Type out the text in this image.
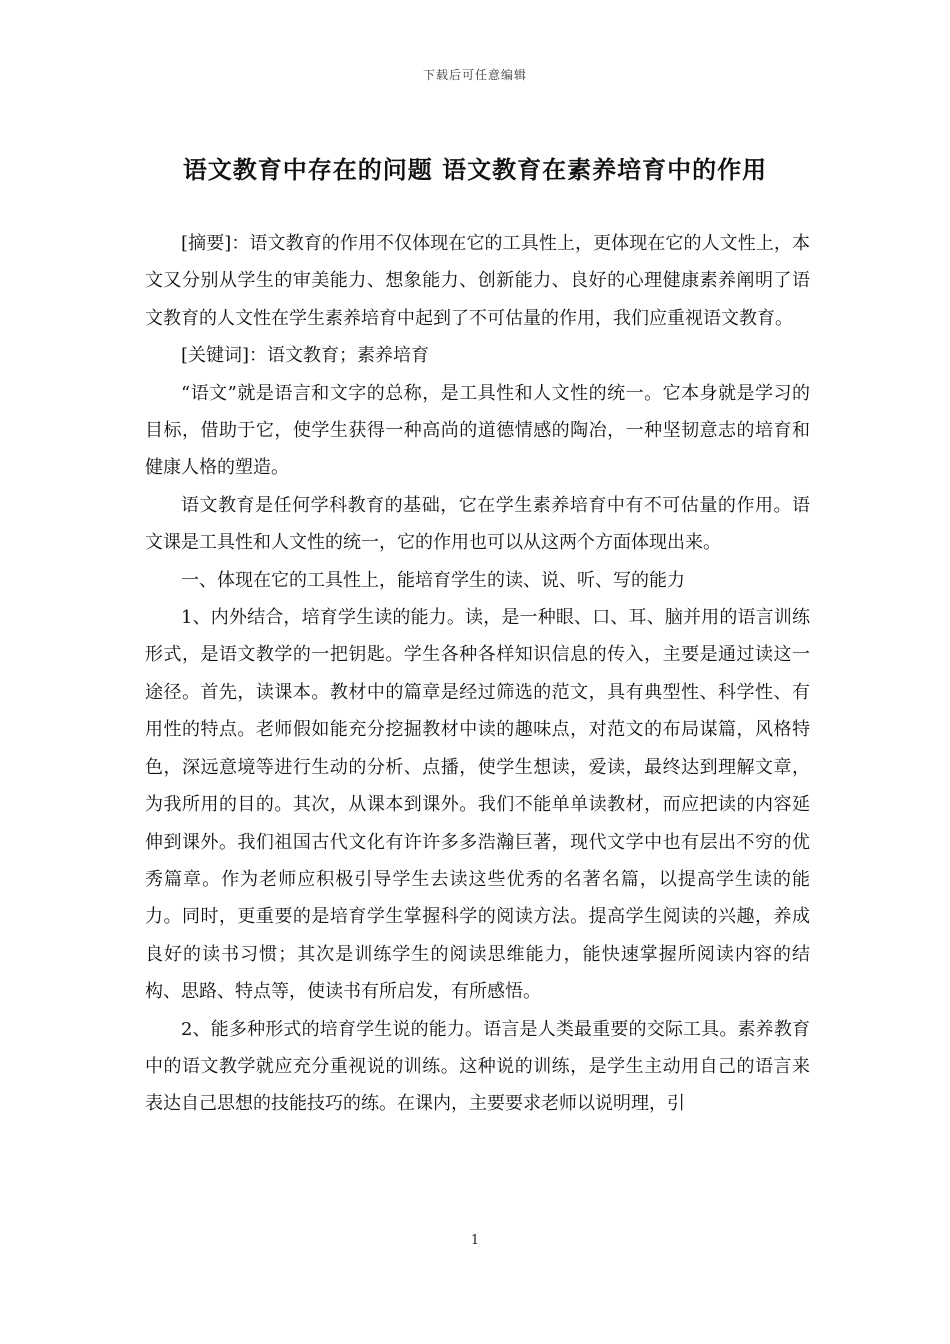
下载后可任意编辑
语文教育中存在的问题 语文教育在素养培育中的作用

[摘要]：语文教育的作用不仅体现在它的工具性上，更体现在它的人文性上，本文又分别从学生的审美能力、想象能力、创新能力、良好的心理健康素养阐明了语文教育的人文性在学生素养培育中起到了不可估量的作用，我们应重视语文教育。

[关键词]：语文教育；素养培育

“语文”就是语言和文字的总称，是工具性和人文性的统一。它本身就是学习的目标，借助于它，使学生获得一种高尚的道德情感的陶冶，一种坚韧意志的培育和健康人格的塑造。

语文教育是任何学科教育的基础，它在学生素养培育中有不可估量的作用。语文课是工具性和人文性的统一，它的作用也可以从这两个方面体现出来。

一、体现在它的工具性上，能培育学生的读、说、听、写的能力

1、内外结合，培育学生读的能力。读，是一种眼、口、耳、脑并用的语言训练形式，是语文教学的一把钥匙。学生各种各样知识信息的传入，主要是通过读这一途径。首先，读课本。教材中的篇章是经过筛选的范文，具有典型性、科学性、有用性的特点。老师假如能充分挖掘教材中读的趣味点，对范文的布局谋篇，风格特色，深远意境等进行生动的分析、点播，使学生想读，爱读，最终达到理解文章，为我所用的目的。其次，从课本到课外。我们不能单单读教材，而应把读的内容延伸到课外。我们祖国古代文化有许许多多浩瀚巨著，现代文学中也有层出不穷的优秀篇章。作为老师应积极引导学生去读这些优秀的名著名篇，以提高学生读的能力。同时，更重要的是培育学生掌握科学的阅读方法。提高学生阅读的兴趣，养成良好的读书习惯；其次是训练学生的阅读思维能力，能快速掌握所阅读内容的结构、思路、特点等，使读书有所启发，有所感悟。

2、能多种形式的培育学生说的能力。语言是人类最重要的交际工具。素养教育中的语文教学就应充分重视说的训练。这种说的训练，是学生主动用自己的语言来表达自己思想的技能技巧的练。在课内，主要要求老师以说明理，引

1
